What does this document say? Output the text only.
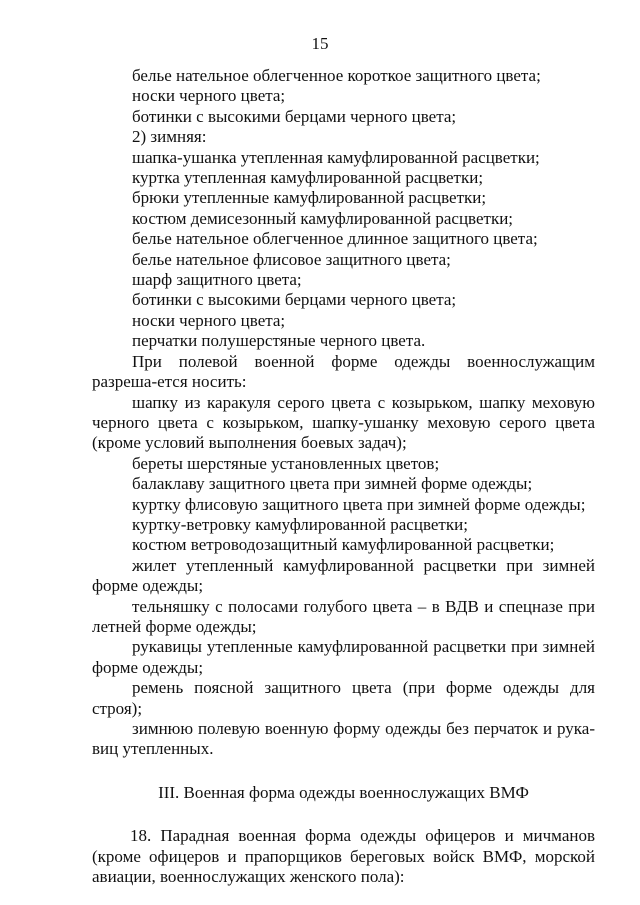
15
белье нательное облегченное короткое защитного цвета;
носки черного цвета;
ботинки с высокими берцами черного цвета;
2) зимняя:
шапка-ушанка утепленная камуфлированной расцветки;
куртка утепленная камуфлированной расцветки;
брюки утепленные камуфлированной расцветки;
костюм демисезонный камуфлированной расцветки;
белье нательное облегченное длинное защитного цвета;
белье нательное флисовое защитного цвета;
шарф защитного цвета;
ботинки с высокими берцами черного цвета;
носки черного цвета;
перчатки полушерстяные черного цвета.

При полевой военной форме одежды военнослужащим разреша-ется носить:

шапку из каракуля серого цвета с козырьком, шапку меховую черного цвета с козырьком, шапку-ушанку меховую серого цвета (кроме условий выполнения боевых задач);

береты шерстяные установленных цветов;

балаклаву защитного цвета при зимней форме одежды;

куртку флисовую защитного цвета при зимней форме одежды;

куртку-ветровку камуфлированной расцветки;

костюм ветроводозащитный камуфлированной расцветки;

жилет утепленный камуфлированной расцветки при зимней форме одежды;

тельняшку с полосами голубого цвета – в ВДВ и спецназе при летней форме одежды;

рукавицы утепленные камуфлированной расцветки при зимней форме одежды;

ремень поясной защитного цвета (при форме одежды для строя);

зимнюю полевую военную форму одежды без перчаток и рука-виц утепленных.

III. Военная форма одежды военнослужащих ВМФ

18. Парадная военная форма одежды офицеров и мичманов (кроме офицеров и прапорщиков береговых войск ВМФ, морской авиации, военнослужащих женского пола):
